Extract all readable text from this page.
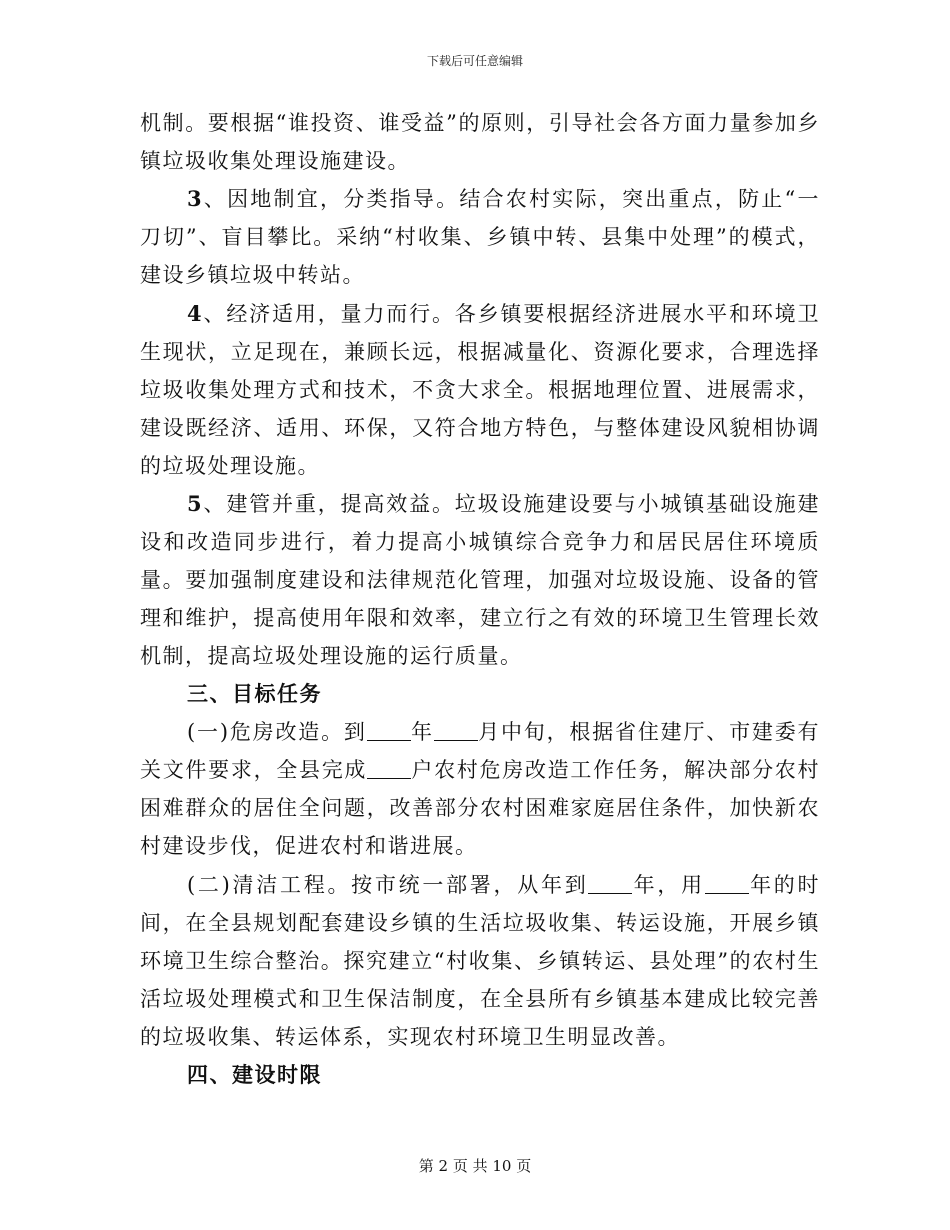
下载后可任意编辑

机制。要根据“谁投资、谁受益”的原则，引导社会各方面力量参加乡镇垃圾收集处理设施建设。

3、因地制宜，分类指导。结合农村实际，突出重点，防止“一刀切”、盲目攀比。采纳“村收集、乡镇中转、县集中处理”的模式，建设乡镇垃圾中转站。

4、经济适用，量力而行。各乡镇要根据经济进展水平和环境卫生现状，立足现在，兼顾长远，根据减量化、资源化要求，合理选择垃圾收集处理方式和技术，不贪大求全。根据地理位置、进展需求，建设既经济、适用、环保，又符合地方特色，与整体建设风貌相协调的垃圾处理设施。

5、建管并重，提高效益。垃圾设施建设要与小城镇基础设施建设和改造同步进行，着力提高小城镇综合竞争力和居民居住环境质量。要加强制度建设和法律规范化管理，加强对垃圾设施、设备的管理和维护，提高使用年限和效率，建立行之有效的环境卫生管理长效机制，提高垃圾处理设施的运行质量。

三、目标任务

(一)危房改造。到 年 月中旬，根据省住建厅、市建委有关文件要求，全县完成 户农村危房改造工作任务，解决部分农村困难群众的居住全问题，改善部分农村困难家庭居住条件，加快新农村建设步伐，促进农村和谐进展。

(二)清洁工程。按市统一部署，从年到 年，用 年的时间，在全县规划配套建设乡镇的生活垃圾收集、转运设施，开展乡镇环境卫生综合整治。探究建立“村收集、乡镇转运、县处理”的农村生活垃圾处理模式和卫生保洁制度，在全县所有乡镇基本建成比较完善的垃圾收集、转运体系，实现农村环境卫生明显改善。

四、建设时限

第 2 页 共 10 页
